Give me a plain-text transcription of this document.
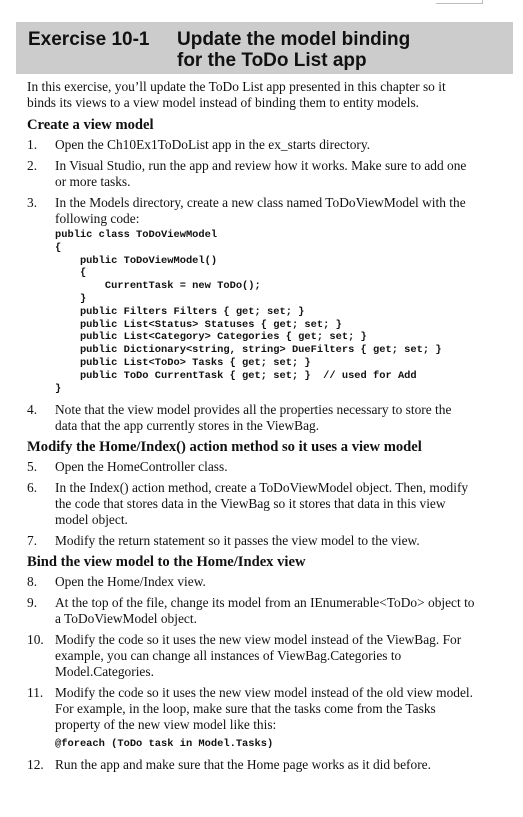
Exercise 10-1 Update the model binding
for the ToDo List app

In this exercise, you’ll update the ToDo List app presented in this chapter so it
binds its views to a view model instead of binding them to entity models.

Create a view model
1.	Open the Ch10Ex1ToDoList app in the ex_starts directory.
2.	In Visual Studio, run the app and review how it works. Make sure to add one
or more tasks.
3.	In the Models directory, create a new class named ToDoViewModel with the
following code:
public class ToDoViewModel
{
public ToDoViewModel()
{
CurrentTask = new ToDo();
}
public Filters Filters { get; set; }
public List<Status> Statuses { get; set; }
public List<Category> Categories { get; set; }
public Dictionary<string, string> DueFilters { get; set; }
public List<ToDo> Tasks { get; set; }
public ToDo CurrentTask { get; set; }  // used for Add
}
4.	Note that the view model provides all the properties necessary to store the
data that the app currently stores in the ViewBag.
Modify the Home/Index() action method so it uses a view model
5.	Open the HomeController class.
6.	In the Index() action method, create a ToDoViewModel object. Then, modify
the code that stores data in the ViewBag so it stores that data in this view
model object.
7.	Modify the return statement so it passes the view model to the view.
Bind the view model to the Home/Index view
8.	Open the Home/Index view.
9.	At the top of the file, change its model from an IEnumerable<ToDo> object to
a ToDoViewModel object.
10. Modify the code so it uses the new view model instead of the ViewBag. For
example, you can change all instances of ViewBag.Categories to
Model.Categories.
11. Modify the code so it uses the new view model instead of the old view model.
For example, in the loop, make sure that the tasks come from the Tasks
property of the new view model like this:
@foreach (ToDo task in Model.Tasks)
12. Run the app and make sure that the Home page works as it did before.
